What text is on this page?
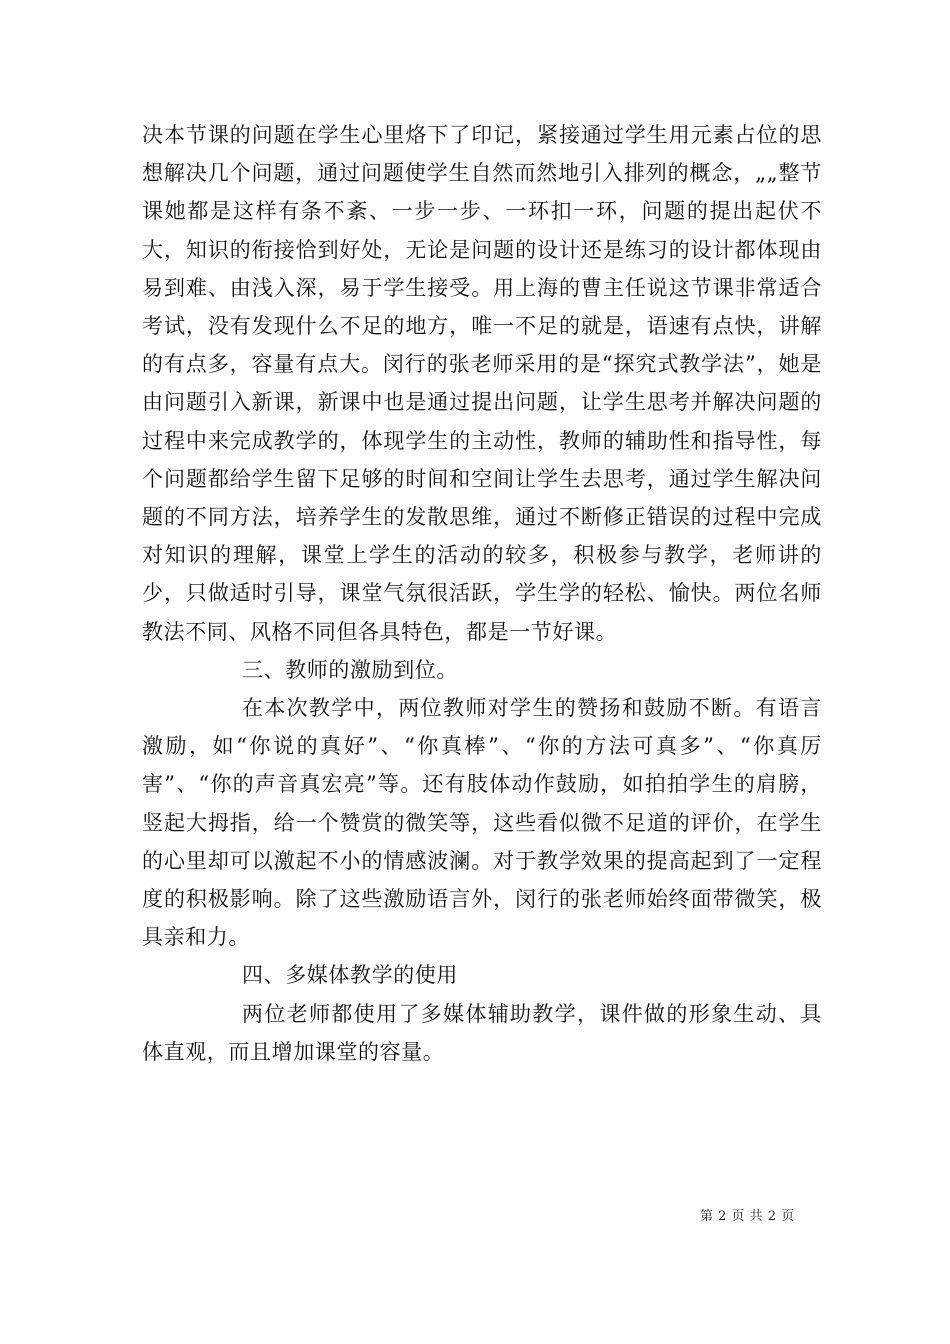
决本节课的问题在学生心里烙下了印记，紧接通过学生用元素占位的思想解决几个问题，通过问题使学生自然而然地引入排列的概念，„„整节课她都是这样有条不紊、一步一步、一环扣一环，问题的提出起伏不大，知识的衔接恰到好处，无论是问题的设计还是练习的设计都体现由易到难、由浅入深，易于学生接受。用上海的曹主任说这节课非常适合考试，没有发现什么不足的地方，唯一不足的就是，语速有点快，讲解的有点多，容量有点大。闵行的张老师采用的是“探究式教学法”，她是由问题引入新课，新课中也是通过提出问题，让学生思考并解决问题的过程中来完成教学的，体现学生的主动性，教师的辅助性和指导性，每个问题都给学生留下足够的时间和空间让学生去思考，通过学生解决问题的不同方法，培养学生的发散思维，通过不断修正错误的过程中完成对知识的理解，课堂上学生的活动的较多，积极参与教学，老师讲的少，只做适时引导，课堂气氛很活跃，学生学的轻松、愉快。两位名师教法不同、风格不同但各具特色，都是一节好课。

三、教师的激励到位。

在本次教学中，两位教师对学生的赞扬和鼓励不断。有语言激励，如“你说的真好”、“你真棒”、“你的方法可真多”、“你真厉害”、“你的声音真宏亮”等。还有肢体动作鼓励，如拍拍学生的肩膀，竖起大拇指，给一个赞赏的微笑等，这些看似微不足道的评价，在学生的心里却可以激起不小的情感波澜。对于教学效果的提高起到了一定程度的积极影响。除了这些激励语言外，闵行的张老师始终面带微笑，极具亲和力。

四、多媒体教学的使用

两位老师都使用了多媒体辅助教学，课件做的形象生动、具体直观，而且增加课堂的容量。

第 2 页 共 2 页
